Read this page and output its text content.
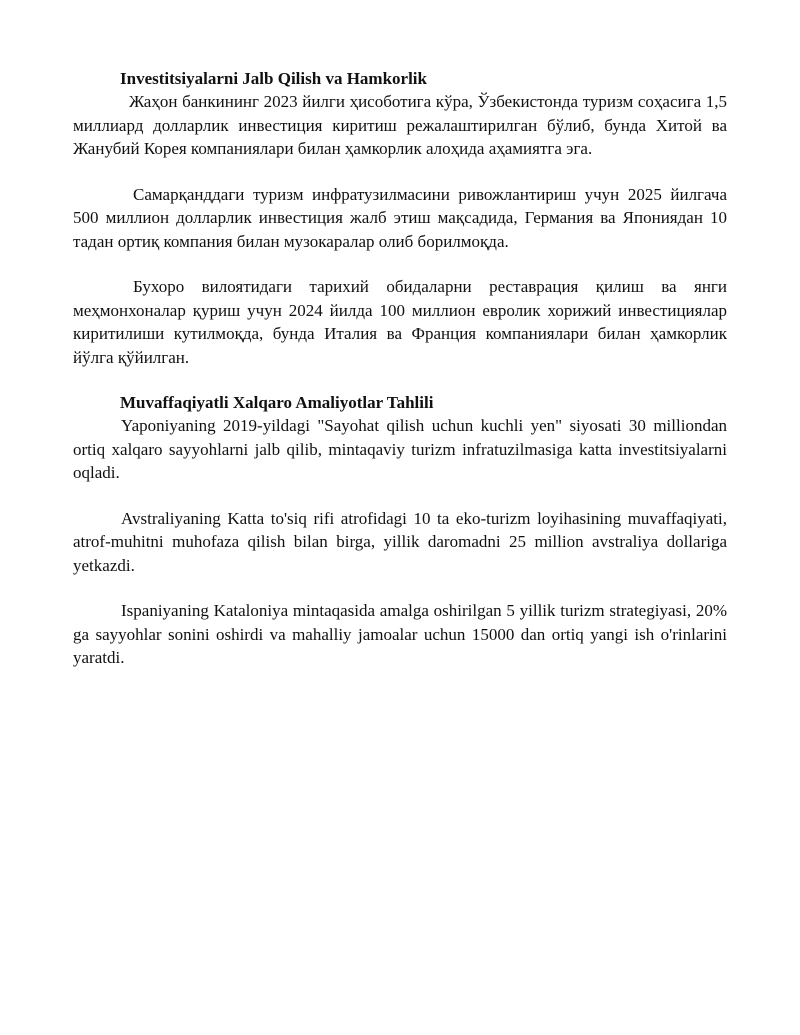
Investitsiyalarni Jalb Qilish va Hamkorlik

Жаҳон банкининг 2023 йилги ҳисоботига кўра, Ўзбекистонда туризм соҳасига 1,5 миллиард долларлик инвестиция киритиш режалаштирилган бўлиб, бунда Хитой ва Жанубий Корея компаниялари билан ҳамкорлик алоҳида аҳамиятга эга.

Самарқанддаги туризм инфратузилмасини ривожлантириш учун 2025 йилгача 500 миллион долларлик инвестиция жалб этиш мақсадида, Германия ва Япониядан 10 тадан ортиқ компания билан музокаралар олиб борилмоқда.

Бухоро вилоятидаги тарихий обидаларни реставрация қилиш ва янги меҳмонхоналар қуриш учун 2024 йилда 100 миллион евролик хорижий инвестициялар киритилиши кутилмоқда, бунда Италия ва Франция компаниялари билан ҳамкорлик йўлга қўйилган.

Muvaffaqiyatli Xalqaro Amaliyotlar Tahlili

Yaponiyaning 2019-yildagi "Sayohat qilish uchun kuchli yen" siyosati 30 milliondan ortiq xalqaro sayyohlarni jalb qilib, mintaqaviy turizm infratuzilmasiga katta investitsiyalarni oqladi.

Avstraliyaning Katta to'siq rifi atrofidagi 10 ta eko-turizm loyihasining muvaffaqiyati, atrof-muhitni muhofaza qilish bilan birga, yillik daromadni 25 million avstraliya dollariga yetkazdi.

Ispaniyaning Kataloniya mintaqasida amalga oshirilgan 5 yillik turizm strategiyasi, 20% ga sayyohlar sonini oshirdi va mahalliy jamoalar uchun 15000 dan ortiq yangi ish o'rinlarini yaratdi.
